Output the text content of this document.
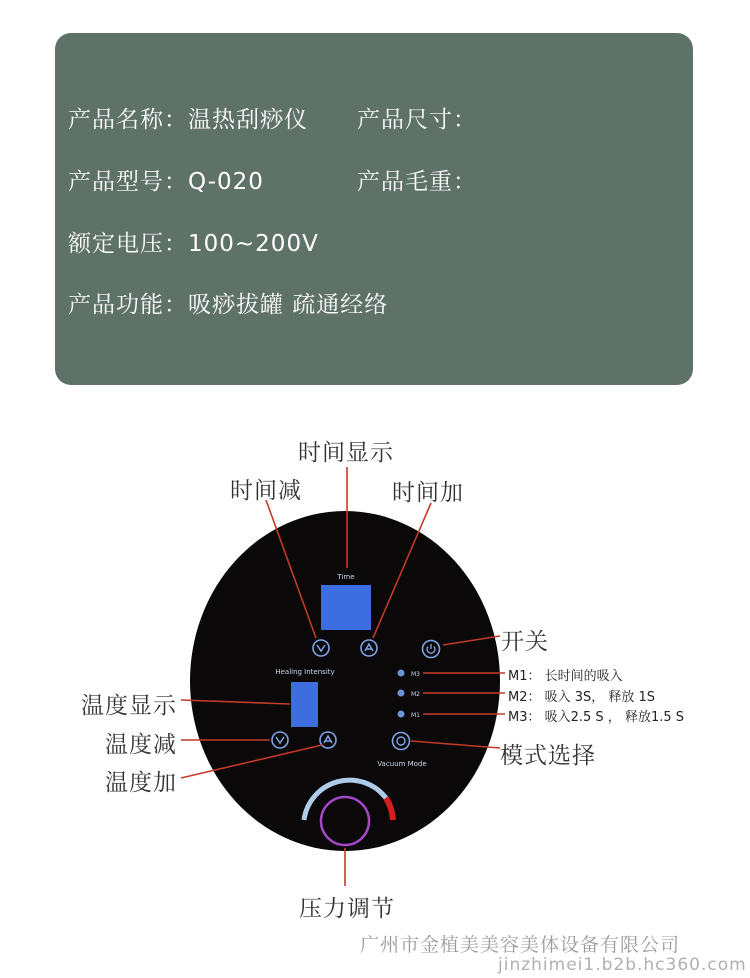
产品名称：温热刮痧仪 产品尺寸：
产品型号：Q-020	产品毛重：
额定电压：100~200V
产品功能：吸痧拔罐 疏通经络
Time
Healing Intensity	M3
M2
M1
Vacuum Mode
时间显示
时间减	时间加
开关
温度显示
温度减
温度加
模式选择
压力调节
M1： 长时间的吸入
M2： 吸入 3S， 释放 1S
M3： 吸入2.5 S ， 释放1.5 S
广州市金植美美容美体设备有限公司
jinzhimei1.b2b.hc360.com
